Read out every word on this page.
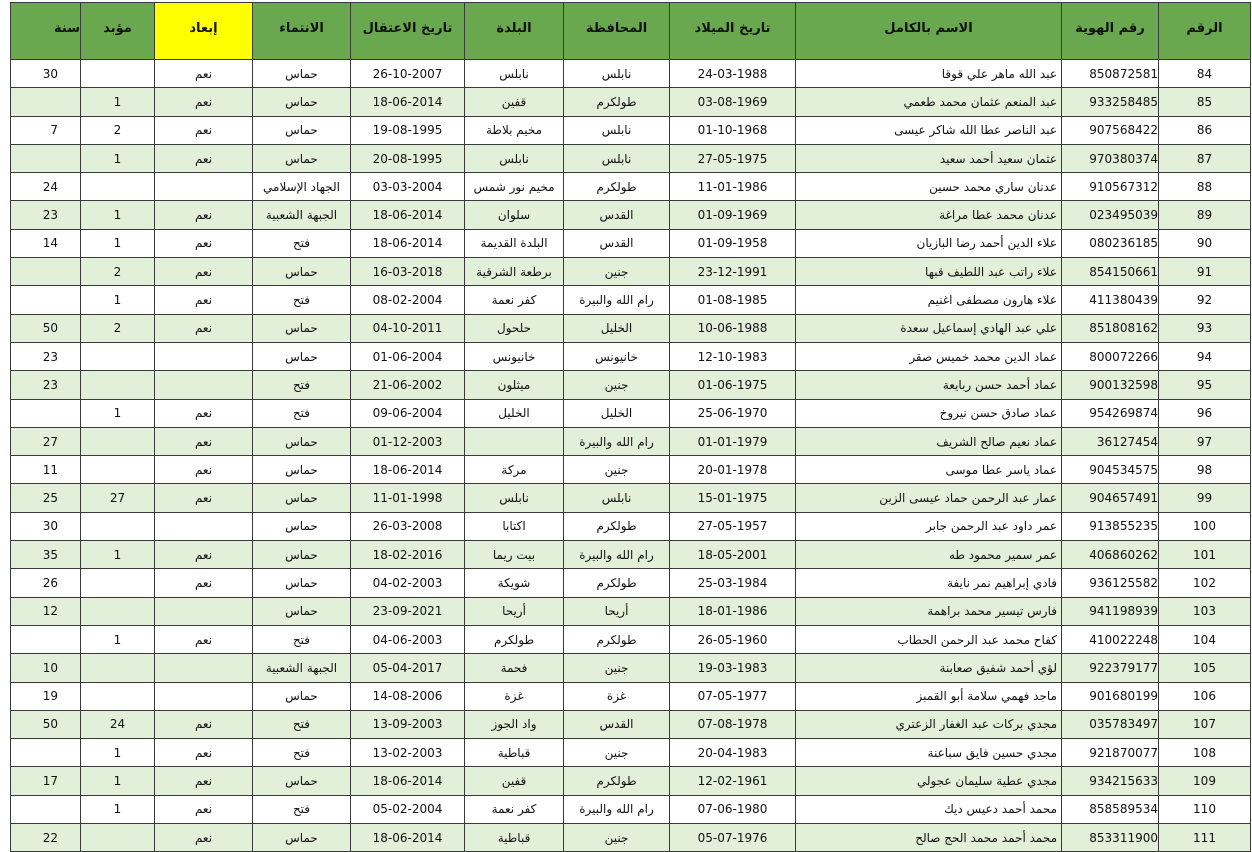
الرقم	رقم الهوية	الاسم بالكامل	تاريخ الميلاد	المحافظة	البلدة	تاريخ الاعتقال	الانتماء	إبعاد	مؤبد	سنة
84	850872581	عبد الله ماهر علي قوقا	24-03-1988	نابلس	نابلس	26-10-2007	حماس	نعم		30
85	933258485	عبد المنعم عثمان محمد طعمي	03-08-1969	طولكرم	قفين	18-06-2014	حماس	نعم	1	
86	907568422	عبد الناصر عطا الله شاكر عيسى	01-10-1968	نابلس	مخيم بلاطة	19-08-1995	حماس	نعم	2	7
87	970380374	عثمان سعيد أحمد سعيد	27-05-1975	نابلس	نابلس	20-08-1995	حماس	نعم	1	
88	910567312	عدنان ساري محمد حسين	11-01-1986	طولكرم	مخيم نور شمس	03-03-2004	الجهاد الإسلامي			24
89	023495039	عدنان محمد عطا مراغة	01-09-1969	القدس	سلوان	18-06-2014	الجبهة الشعبية	نعم	1	23
90	080236185	علاء الدين أحمد رضا البازيان	01-09-1958	القدس	البلدة القديمة	18-06-2014	فتح	نعم	1	14
91	854150661	علاء راتب عبد اللطيف قبها	23-12-1991	جنين	برطعة الشرقية	16-03-2018	حماس	نعم	2	
92	411380439	علاء هارون مصطفى اغنيم	01-08-1985	رام الله والبيرة	كفر نعمة	08-02-2004	فتح	نعم	1	
93	851808162	علي عبد الهادي إسماعيل سعدة	10-06-1988	الخليل	حلحول	04-10-2011	حماس	نعم	2	50
94	800072266	عماد الدين محمد خميس صقر	12-10-1983	خانيونس	خانيونس	01-06-2004	حماس			23
95	900132598	عماد أحمد حسن ربايعة	01-06-1975	جنين	ميثلون	21-06-2002	فتح			23
96	954269874	عماد صادق حسن نيروخ	25-06-1970	الخليل	الخليل	09-06-2004	فتح	نعم	1	
97	36127454	عماد نعيم صالح الشريف	01-01-1979	رام الله والبيرة		01-12-2003	حماس	نعم		27
98	904534575	عماد ياسر عطا موسى	20-01-1978	جنين	مركة	18-06-2014	حماس	نعم		11
99	904657491	عمار عبد الرحمن حماد عيسى الزبن	15-01-1975	نابلس	نابلس	11-01-1998	حماس	نعم	27	25
100	913855235	عمر داود عبد الرحمن جابر	27-05-1957	طولكرم	اكتابا	26-03-2008	حماس			30
101	406860262	عمر سمير محمود طه	18-05-2001	رام الله والبيرة	بيت ريما	18-02-2016	حماس	نعم	1	35
102	936125582	فادي إبراهيم نمر نايفة	25-03-1984	طولكرم	شويكة	04-02-2003	حماس	نعم		26
103	941198939	فارس تيسير محمد براهمة	18-01-1986	أريحا	أريحا	23-09-2021	حماس			12
104	410022248	كفاح محمد عبد الرحمن الحطاب	26-05-1960	طولكرم	طولكرم	04-06-2003	فتح	نعم	1	
105	922379177	لؤي أحمد شفيق صعابنة	19-03-1983	جنين	فحمة	05-04-2017	الجبهة الشعبية			10
106	901680199	ماجد فهمي سلامة أبو القمبز	07-05-1977	غزة	غزة	14-08-2006	حماس			19
107	035783497	مجدي بركات عبد الغفار الزعتري	07-08-1978	القدس	واد الجوز	13-09-2003	فتح	نعم	24	50
108	921870077	مجدي حسين فايق سباعنة	20-04-1983	جنين	قباطية	13-02-2003	فتح	نعم	1	
109	934215633	مجدي عطية سليمان عجولي	12-02-1961	طولكرم	قفين	18-06-2014	حماس	نعم	1	17
110	858589534	محمد أحمد دعيس ديك	07-06-1980	رام الله والبيرة	كفر نعمة	05-02-2004	فتح	نعم	1	
111	853311900	محمد أحمد محمد الحج صالح	05-07-1976	جنين	قباطية	18-06-2014	حماس	نعم		22
